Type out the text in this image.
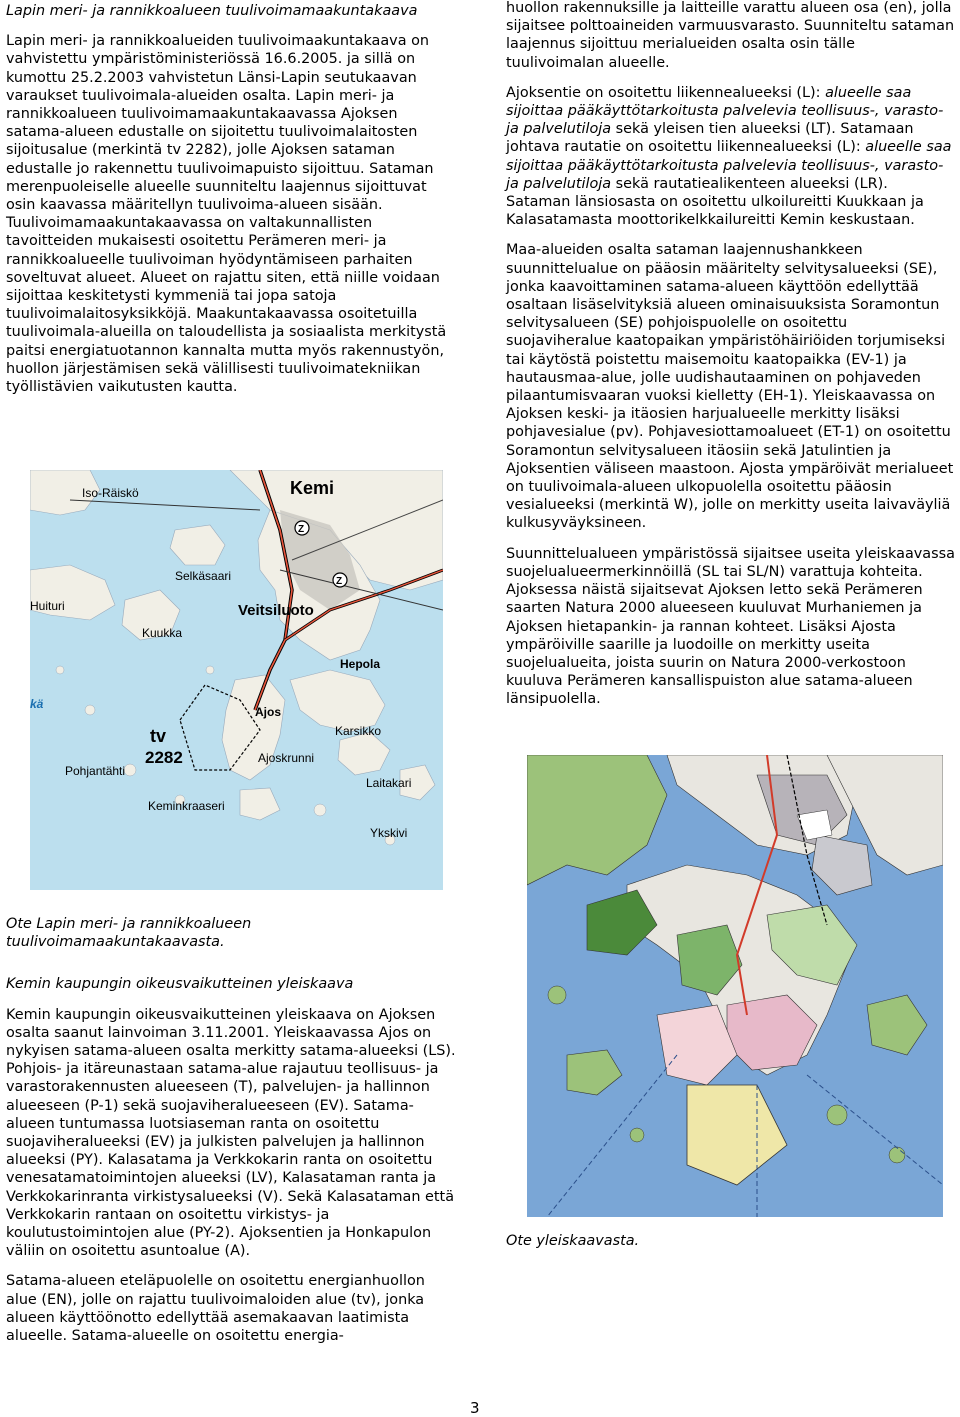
Lapin meri- ja rannikkoalueen tuulivoimamaakuntakaava

Lapin meri- ja rannikkoalueiden tuulivoimaakuntakaava on vahvistettu ympäristöministeriössä 16.6.2005. ja sillä on kumottu 25.2.2003 vahvistetun Länsi-Lapin seutukaavan varaukset tuulivoimala-alueiden osalta. Lapin meri- ja rannikkoalueen tuulivoimamaakuntakaavassa Ajoksen satama-alueen edustalle on sijoitettu tuulivoimalaitosten sijoitusalue (merkintä tv 2282), jolle Ajoksen sataman edustalle jo rakennettu tuulivoimapuisto sijoittuu. Sataman merenpuoleiselle alueelle suunniteltu laajennus sijoittuvat osin kaavassa määritellyn tuulivoima-alueen sisään. Tuulivoimamaakuntakaavassa on valtakunnallisten tavoitteiden mukaisesti osoitettu Perämeren meri- ja rannikkoalueelle tuulivoiman hyödyntämiseen parhaiten soveltuvat alueet. Alueet on rajattu siten, että niille voidaan sijoittaa keskitetysti kymmeniä tai jopa satoja tuulivoimalaitosyksikköjä. Maakuntakaavassa osoitetuilla tuulivoimala-alueilla on taloudellista ja sosiaalista merkitystä paitsi energiatuotannon kannalta mutta myös rakennustyön, huollon järjestämisen sekä välillisesti tuulivoimatekniikan työllistävien vaikutusten kautta.

Kemi
Iso-Räiskö
Huituri
Selkäsaari
Veitsiluoto
Kuukka
Hepola
kä
Ajos
Karsikko
tv
2282	Ajoskrunni
Pohjantähti
Laitakari
Keminkraaseri
Ykskivi
Z
Z

Ote Lapin meri- ja rannikkoalueen tuulivoimamaakuntakaavasta.

Kemin kaupungin oikeusvaikutteinen yleiskaava

Kemin kaupungin oikeusvaikutteinen yleiskaava on Ajoksen osalta saanut lainvoiman 3.11.2001. Yleiskaavassa Ajos on nykyisen satama-alueen osalta merkitty satama-alueeksi (LS). Pohjois- ja itäreunastaan satama-alue rajautuu teollisuus- ja varastorakennusten alueeseen (T), palvelujen- ja hallinnon alueeseen (P-1) sekä suojaviheralueeseen (EV). Satama-alueen tuntumassa luotsiaseman ranta on osoitettu suojaviheralueeksi (EV) ja julkisten palvelujen ja hallinnon alueeksi (PY). Kalasatama ja Verkkokarin ranta on osoitettu venesatamatoimintojen alueeksi (LV), Kalasataman ranta ja Verkkokarinranta virkistysalueeksi (V). Sekä Kalasataman että Verkkokarin rantaan on osoitettu virkistys- ja koulutustoimintojen alue (PY-2). Ajoksentien ja Honkapulon väliin on osoitettu asuntoalue (A).

Satama-alueen eteläpuolelle on osoitettu energianhuollon alue (EN), jolle on rajattu tuulivoimaloiden alue (tv), jonka alueen käyttöönotto edellyttää asemakaavan laatimista alueelle. Satama-alueelle on osoitettu energia-

huollon rakennuksille ja laitteille varattu alueen osa (en), jolla sijaitsee polttoaineiden varmuusvarasto. Suunniteltu sataman laajennus sijoittuu merialueiden osalta osin tälle tuulivoimalan alueelle.

Ajoksentie on osoitettu liikennealueeksi (L): alueelle saa sijoittaa pääkäyttötarkoitusta palvelevia teollisuus-, varasto- ja palvelutiloja sekä yleisen tien alueeksi (LT). Satamaan johtava rautatie on osoitettu liikennealueeksi (L): alueelle saa sijoittaa pääkäyttötarkoitusta palvelevia teollisuus-, varasto- ja palvelutiloja sekä rautatiealikenteen alueeksi (LR). Sataman länsiosasta on osoitettu ulkoilureitti Kuukkaan ja Kalasatamasta moottorikelkkailureitti Kemin keskustaan.

Maa-alueiden osalta sataman laajennushankkeen suunnittelualue on pääosin määritelty selvitysalueeksi (SE), jonka kaavoittaminen satama-alueen käyttöön edellyttää osaltaan lisäselvityksiä alueen ominaisuuksista Soramontun selvitysalueen (SE) pohjoispuolelle on osoitettu suojaviheralue kaatopaikan ympäristöhäiriöiden torjumiseksi tai käytöstä poistettu maisemoitu kaatopaikka (EV-1) ja hautausmaa-alue, jolle uudishautaaminen on pohjaveden pilaantumisvaaran vuoksi kielletty (EH-1). Yleiskaavassa on Ajoksen keski- ja itäosien harjualueelle merkitty lisäksi pohjavesialue (pv). Pohjavesiottamoalueet (ET-1) on osoitettu Soramontun selvitysalueen itäosiin sekä Jatulintien ja Ajoksentien väliseen maastoon. Ajosta ympäröivät merialueet on tuulivoimala-alueen ulkopuolella osoitettu pääosin vesialueeksi (merkintä W), jolle on merkitty useita laivaväyliä kulkusyväyksineen.

Suunnittelualueen ympäristössä sijaitsee useita yleiskaavassa suojelualueermerkinnöillä (SL tai SL/N) varattuja kohteita. Ajoksessa näistä sijaitsevat Ajoksen letto sekä Perämeren saarten Natura 2000 alueeseen kuuluvat Murhaniemen ja Ajoksen hietapankin- ja rannan kohteet. Lisäksi Ajosta ympäröiville saarille ja luodoille on merkitty useita suojelualueita, joista suurin on Natura 2000-verkostoon kuuluva Perämeren kansallispuiston alue satama-alueen länsipuolella.

Ote yleiskaavasta.

3
